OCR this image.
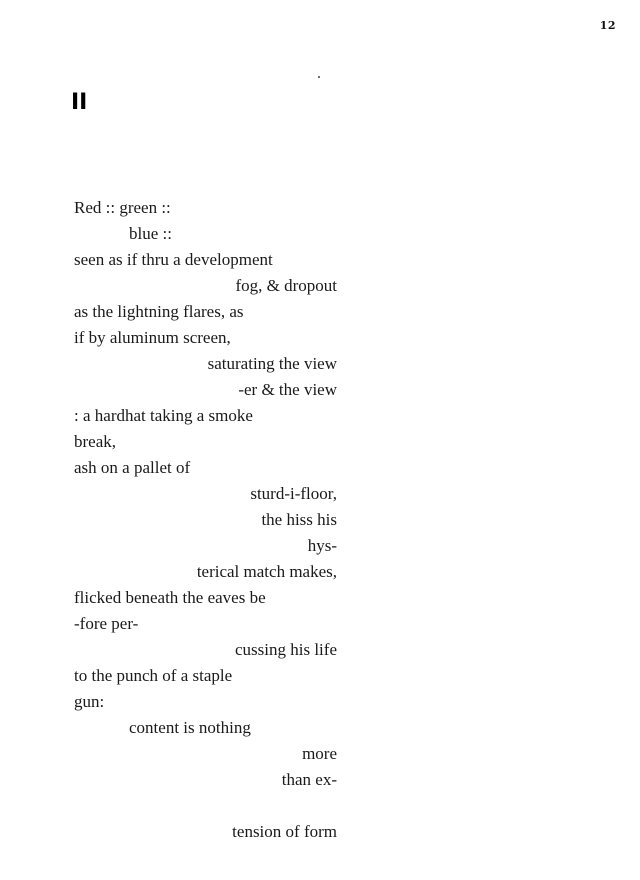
12
II
Red :: green ::
blue ::
seen as if thru a development
fog, & dropout
as the lightning flares, as
if by aluminum screen,
saturating the view
-er & the view
: a hardhat taking a smoke
break,
ash on a pallet of
sturd-i-floor,
the hiss his
hys-
terical match makes,
flicked beneath the eaves be
-fore per-
cussing his life
to the punch of a staple
gun:
content is nothing
more
than ex-
tension of form
